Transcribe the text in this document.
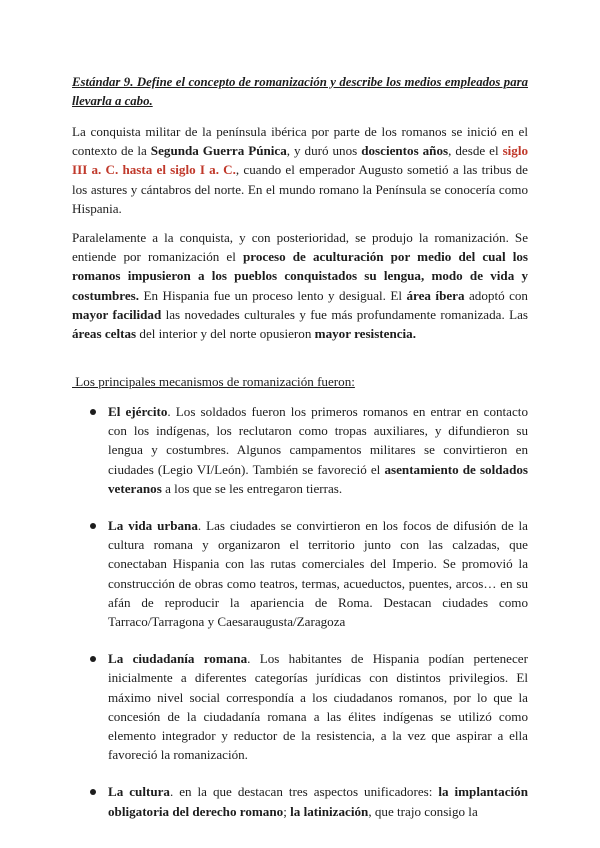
Estándar 9. Define el concepto de romanización y describe los medios empleados para llevarla a cabo.

La conquista militar de la península ibérica por parte de los romanos se inició en el contexto de la Segunda Guerra Púnica, y duró unos doscientos años, desde el siglo III a. C. hasta el siglo I a. C., cuando el emperador Augusto sometió a las tribus de los astures y cántabros del norte. En el mundo romano la Península se conocería como Hispania.

Paralelamente a la conquista, y con posterioridad, se produjo la romanización. Se entiende por romanización el proceso de aculturación por medio del cual los romanos impusieron a los pueblos conquistados su lengua, modo de vida y costumbres. En Hispania fue un proceso lento y desigual. El área íbera adoptó con mayor facilidad las novedades culturales y fue más profundamente romanizada. Las áreas celtas del interior y del norte opusieron mayor resistencia.

Los principales mecanismos de romanización fueron:
El ejército. Los soldados fueron los primeros romanos en entrar en contacto con los indígenas, los reclutaron como tropas auxiliares, y difundieron su lengua y costumbres. Algunos campamentos militares se convirtieron en ciudades (Legio VI/León). También se favoreció el asentamiento de soldados veteranos a los que se les entregaron tierras.
La vida urbana. Las ciudades se convirtieron en los focos de difusión de la cultura romana y organizaron el territorio junto con las calzadas, que conectaban Hispania con las rutas comerciales del Imperio. Se promovió la construcción de obras como teatros, termas, acueductos, puentes, arcos… en su afán de reproducir la apariencia de Roma. Destacan ciudades como Tarraco/Tarragona y Caesaraugusta/Zaragoza
La ciudadanía romana. Los habitantes de Hispania podían pertenecer inicialmente a diferentes categorías jurídicas con distintos privilegios. El máximo nivel social correspondía a los ciudadanos romanos, por lo que la concesión de la ciudadanía romana a las élites indígenas se utilizó como elemento integrador y reductor de la resistencia, a la vez que aspirar a ella favoreció la romanización.
La cultura. en la que destacan tres aspectos unificadores: la implantación obligatoria del derecho romano; la latinización, que trajo consigo la
